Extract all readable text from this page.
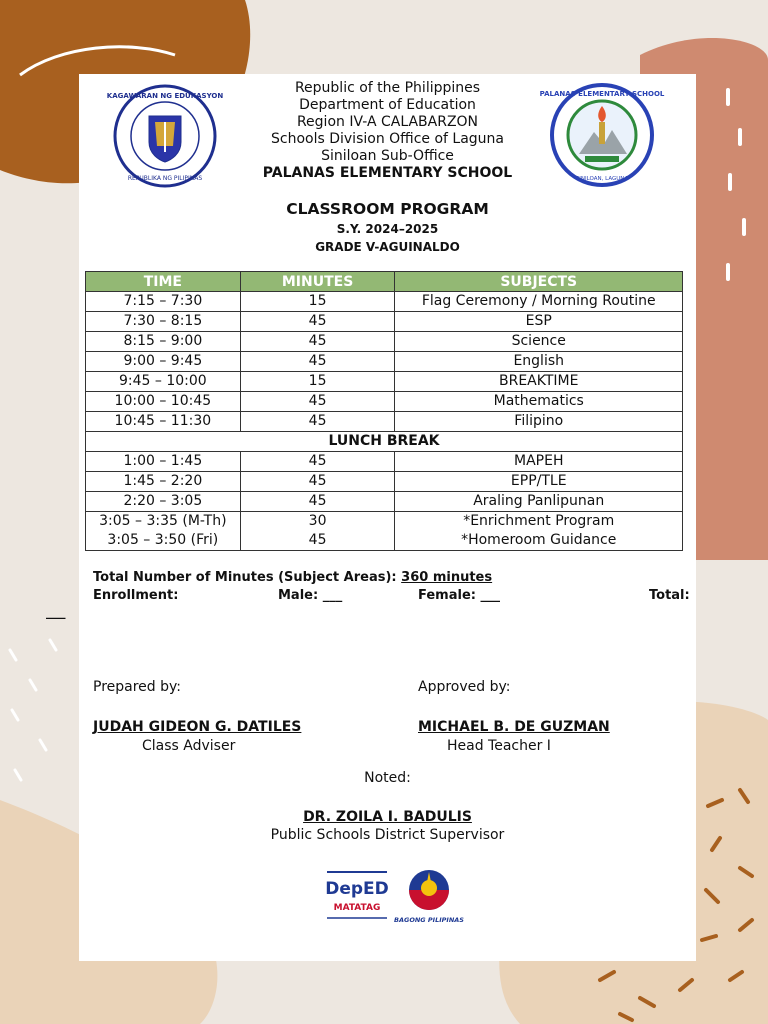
KAGAWARAN NG EDUKASYON
REPUBLIKA NG PILIPINAS
PALANAS ELEMENTARY SCHOOL
SINILOAN, LAGUNA
Republic of the Philippines
Department of Education
Region IV-A CALABARZON
Schools Division Office of Laguna
Siniloan Sub-Office
PALANAS ELEMENTARY SCHOOL
CLASSROOM PROGRAM
S.Y. 2024–2025
GRADE V-AGUINALDO
TIME	MINUTES	SUBJECTS
7:15 – 7:30	15	Flag Ceremony / Morning Routine
7:30 – 8:15	45	ESP
8:15 – 9:00	45	Science
9:00 – 9:45	45	English
9:45 – 10:00	15	BREAKTIME
10:00 – 10:45	45	Mathematics
10:45 – 11:30	45	Filipino
LUNCH BREAK		
1:00 – 1:45	45	MAPEH
1:45 – 2:20	45	EPP/TLE
2:20 – 3:05	45	Araling Panlipunan
3:05 – 3:35 (M-Th)	30	*Enrichment Program
3:05 – 3:50 (Fri)	45	*Homeroom Guidance
Total Number of Minutes (Subject Areas): 360 minutes
Enrollment:	Male: ___	Female: ___	Total:
Prepared by:	Approved by:
JUDAH GIDEON G. DATILES
Class Adviser
MICHAEL B. DE GUZMAN
Head Teacher I
Noted:
DR. ZOILA I. BADULIS
Public Schools District Supervisor
DepED
MATATAG
BAGONG PILIPINAS
___
